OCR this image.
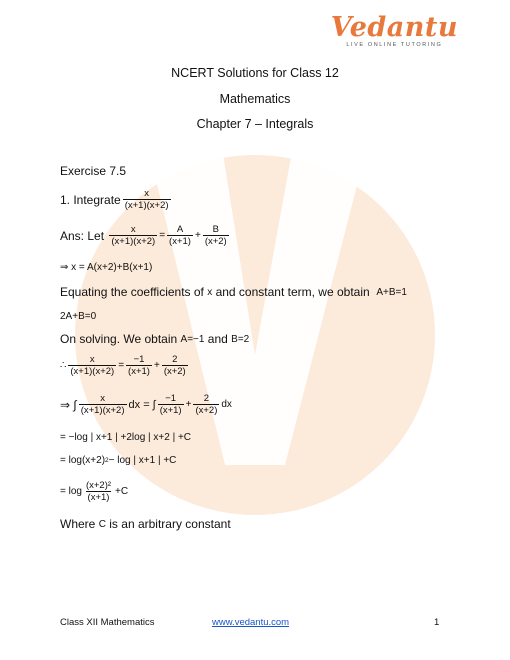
Vedantu
LIVE ONLINE TUTORING
NCERT Solutions for Class 12
Mathematics
Chapter 7 – Integrals
Exercise 7.5
1. Integrate $\frac{x}{(x+1)(x+2)}$
Ans: Let
$\frac{x}{(x+1)(x+2)} = \frac{A}{(x+1)} + \frac{B}{(x+2)}$
⇒ x = A(x+2)+B(x+1)
Equating the coefficients of
x
and constant term, we obtain
A+B=1
2A+B=0
On solving. We obtain
A=−1
and
B=2
∴ $\frac{x}{(x+1)(x+2)} = \frac{-1}{(x+1)} + \frac{2}{(x+2)}$
⇒ ∫ $\frac{x}{(x+1)(x+2)}$ dx = ∫ $\frac{-1}{(x+1)} + \frac{2}{(x+2)}$ dx
= −log | x+1 | +2log | x+2 | +C
= log(x+2) 2 − log | x+1 | +C
= $\log \frac{\text{(x+2)²}}{(x+1)} +C$
Where
C
is an arbitrary constant
Class XII Mathematics	www.vedantu.com	1
